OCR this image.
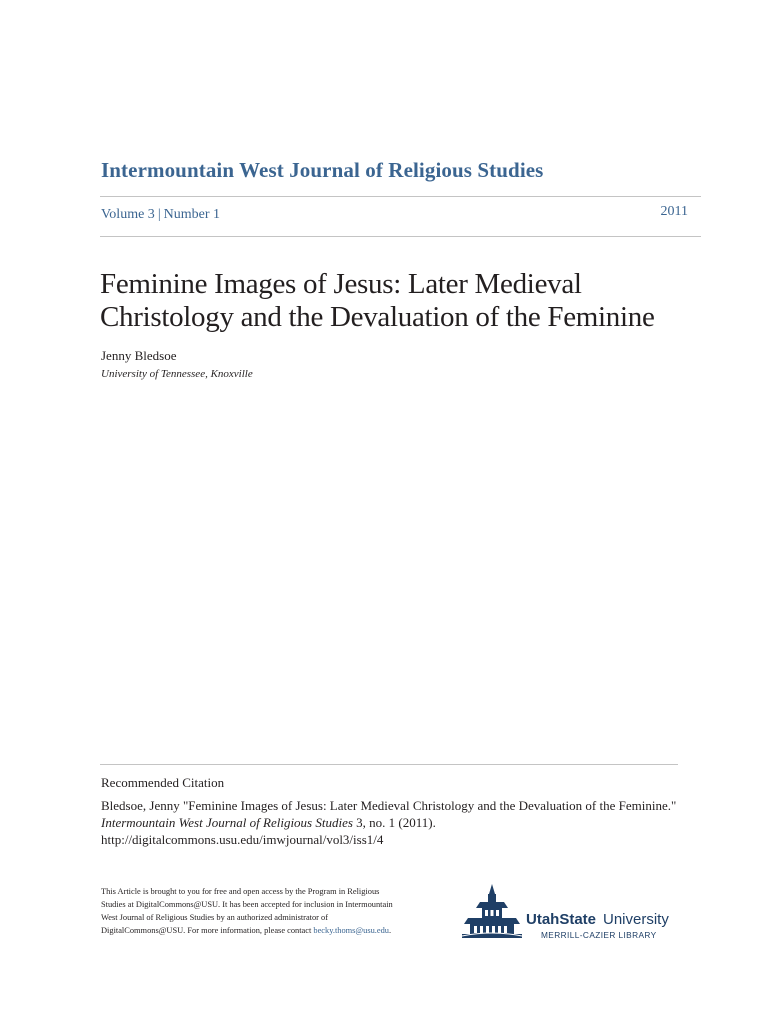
Intermountain West Journal of Religious Studies
Volume 3 | Number 1	2011
Feminine Images of Jesus: Later Medieval
Christology and the Devaluation of the Feminine
Jenny Bledsoe
University of Tennessee, Knoxville
Recommended Citation
Bledsoe, Jenny "Feminine Images of Jesus: Later Medieval Christology and the Devaluation of the Feminine." Intermountain West Journal of Religious Studies 3, no. 1 (2011).
http://digitalcommons.usu.edu/imwjournal/vol3/iss1/4
This Article is brought to you for free and open access by the Program in Religious Studies at DigitalCommons@USU. It has been accepted for inclusion in Intermountain West Journal of Religious Studies by an authorized administrator of DigitalCommons@USU. For more information, please contact becky.thoms@usu.edu.
UtahState University
MERRILL-CAZIER LIBRARY
